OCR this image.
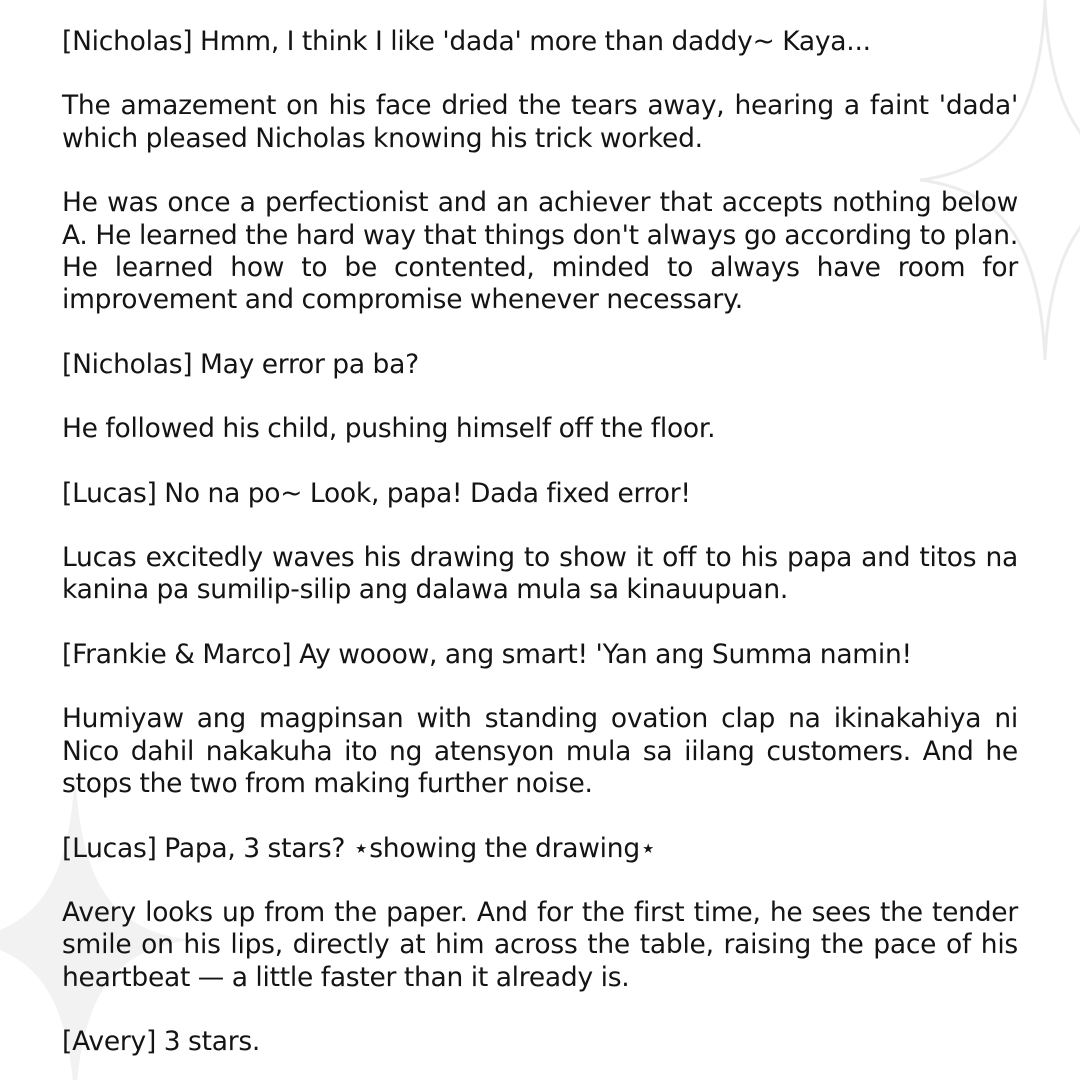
[Nicholas] Hmm, I think I like 'dada' more than daddy~ Kaya...

The amazement on his face dried the tears away, hearing a faint 'dada' which pleased Nicholas knowing his trick worked.

He was once a perfectionist and an achiever that accepts nothing below A. He learned the hard way that things don't always go according to plan. He learned how to be contented, minded to always have room for improvement and compromise whenever necessary.

[Nicholas] May error pa ba?

He followed his child, pushing himself off the floor.

[Lucas] No na po~ Look, papa! Dada fixed error!

Lucas excitedly waves his drawing to show it off to his papa and titos na kanina pa sumilip-silip ang dalawa mula sa kinauupuan.

[Frankie & Marco] Ay wooow, ang smart! 'Yan ang Summa namin!

Humiyaw ang magpinsan with standing ovation clap na ikinakahiya ni Nico dahil nakakuha ito ng atensyon mula sa iilang customers. And he stops the two from making further noise.

[Lucas] Papa, 3 stars? ⋆showing the drawing⋆

Avery looks up from the paper. And for the first time, he sees the tender smile on his lips, directly at him across the table, raising the pace of his heartbeat — a little faster than it already is.

[Avery] 3 stars.
